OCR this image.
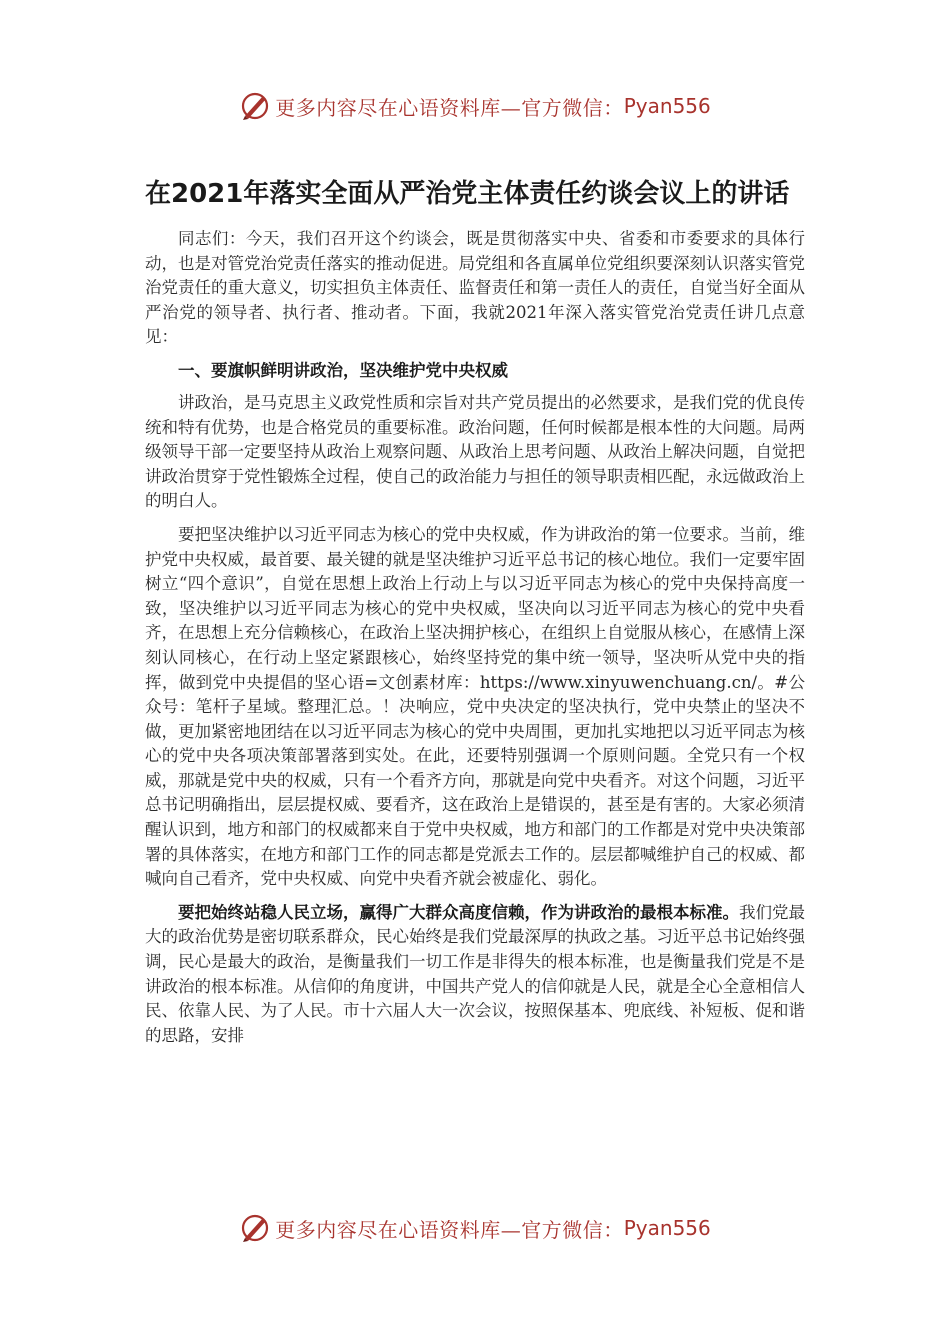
更多内容尽在心语资料库—官方微信： Pyan556
在2021年落实全面从严治党主体责任约谈会议上的讲话

同志们：今天，我们召开这个约谈会，既是贯彻落实中央、省委和市委要求的具体行动，也是对管党治党责任落实的推动促进。局党组和各直属单位党组织要深刻认识落实管党治党责任的重大意义，切实担负主体责任、监督责任和第一责任人的责任，自觉当好全面从严治党的领导者、执行者、推动者。下面，我就2021年深入落实管党治党责任讲几点意见：

一、要旗帜鲜明讲政治，坚决维护党中央权威

讲政治，是马克思主义政党性质和宗旨对共产党员提出的必然要求，是我们党的优良传统和特有优势，也是合格党员的重要标准。政治问题，任何时候都是根本性的大问题。局两级领导干部一定要坚持从政治上观察问题、从政治上思考问题、从政治上解决问题，自觉把讲政治贯穿于党性锻炼全过程，使自己的政治能力与担任的领导职责相匹配，永远做政治上的明白人。

要把坚决维护以习近平同志为核心的党中央权威，作为讲政治的第一位要求。当前，维护党中央权威，最首要、最关键的就是坚决维护习近平总书记的核心地位。我们一定要牢固树立“四个意识”，自觉在思想上政治上行动上与以习近平同志为核心的党中央保持高度一致，坚决维护以习近平同志为核心的党中央权威，坚决向以习近平同志为核心的党中央看齐，在思想上充分信赖核心，在政治上坚决拥护核心，在组织上自觉服从核心，在感情上深刻认同核心，在行动上坚定紧跟核心，始终坚持党的集中统一领导，坚决听从党中央的指挥，做到党中央提倡的坚心语=文创素材库：https://www.xinyuwenchuang.cn/。#公众号：笔杆子星域。整理汇总。！决响应，党中央决定的坚决执行，党中央禁止的坚决不做，更加紧密地团结在以习近平同志为核心的党中央周围，更加扎实地把以习近平同志为核心的党中央各项决策部署落到实处。在此，还要特别强调一个原则问题。全党只有一个权威，那就是党中央的权威，只有一个看齐方向，那就是向党中央看齐。对这个问题，习近平总书记明确指出，层层提权威、要看齐，这在政治上是错误的，甚至是有害的。大家必须清醒认识到，地方和部门的权威都来自于党中央权威，地方和部门的工作都是对党中央决策部署的具体落实，在地方和部门工作的同志都是党派去工作的。层层都喊维护自己的权威、都喊向自己看齐，党中央权威、向党中央看齐就会被虚化、弱化。

要把始终站稳人民立场，赢得广大群众高度信赖，作为讲政治的最根本标准。我们党最大的政治优势是密切联系群众，民心始终是我们党最深厚的执政之基。习近平总书记始终强调，民心是最大的政治，是衡量我们一切工作是非得失的根本标准，也是衡量我们党是不是讲政治的根本标准。从信仰的角度讲，中国共产党人的信仰就是人民，就是全心全意相信人民、依靠人民、为了人民。市十六届人大一次会议，按照保基本、兜底线、补短板、促和谐的思路，安排

更多内容尽在心语资料库—官方微信： Pyan556
